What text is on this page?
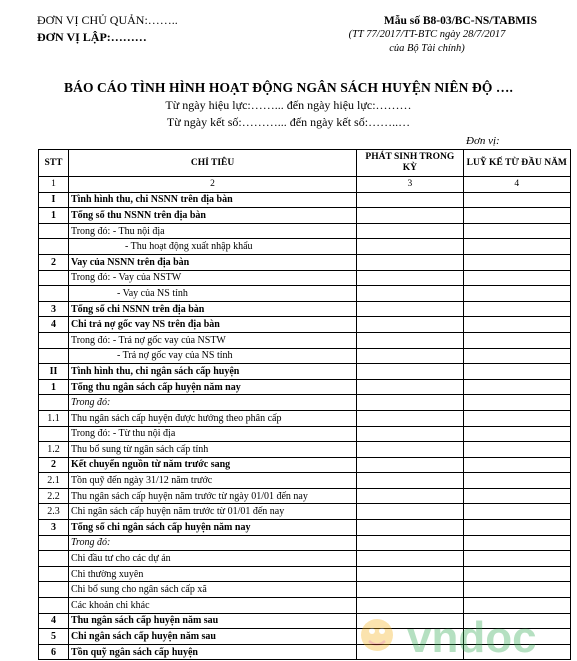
ĐƠN VỊ CHỦ QUẢN:……..
ĐƠN VỊ LẬP:………
Mẫu số B8-03/BC-NS/TABMIS
(TT 77/2017/TT-BTC ngày 28/7/2017
của Bộ Tài chính)
BÁO CÁO TÌNH HÌNH HOẠT ĐỘNG NGÂN SÁCH HUYỆN NIÊN ĐỘ ….
Từ ngày hiệu lực:……... đến ngày hiệu lực:………
Từ ngày kết số:………... đến ngày kết số:……..…
Đơn vị:
STT	CHỈ TIÊU	PHÁT SINH TRONG KỲ	LUỸ KẾ TỪ ĐẦU NĂM
1	2	3	4
I	Tình hình thu, chi NSNN trên địa bàn		
1	Tổng số thu NSNN trên địa bàn		
	Trong đó: - Thu nội địa		
	- Thu hoạt động xuất nhập khẩu		
2	Vay của NSNN trên địa bàn		
	Trong đó: - Vay của NSTW		
	- Vay của NS tỉnh		
3	Tổng số chi NSNN trên địa bàn		
4	Chi trả nợ gốc vay NS trên địa bàn		
	Trong đó: - Trả nợ gốc vay của NSTW		
	- Trả nợ gốc vay của NS tỉnh		
II	Tình hình thu, chi ngân sách cấp huyện		
1	Tổng thu ngân sách cấp huyện năm nay		
	Trong đó:		
1.1	Thu ngân sách cấp huyện được hưởng theo phân cấp		
	Trong đó: - Từ thu nội địa		
1.2	Thu bổ sung từ ngân sách cấp tỉnh		
2	Kết chuyển nguồn từ năm trước sang		
2.1	Tồn quỹ đến ngày 31/12 năm trước		
2.2	Thu ngân sách cấp huyện năm trước từ ngày 01/01 đến nay		
2.3	Chi ngân sách cấp huyện năm trước từ 01/01 đến nay		
3	Tổng số chi ngân sách cấp huyện năm nay		
	Trong đó:		
	Chi đầu tư cho các dự án		
	Chi thường xuyên		
	Chi bổ sung cho ngân sách cấp xã		
	Các khoản chi khác		
4	Thu ngân sách cấp huyện năm sau		
5	Chi ngân sách cấp huyện năm sau		
6	Tồn quỹ ngân sách cấp huyện			vndoc
